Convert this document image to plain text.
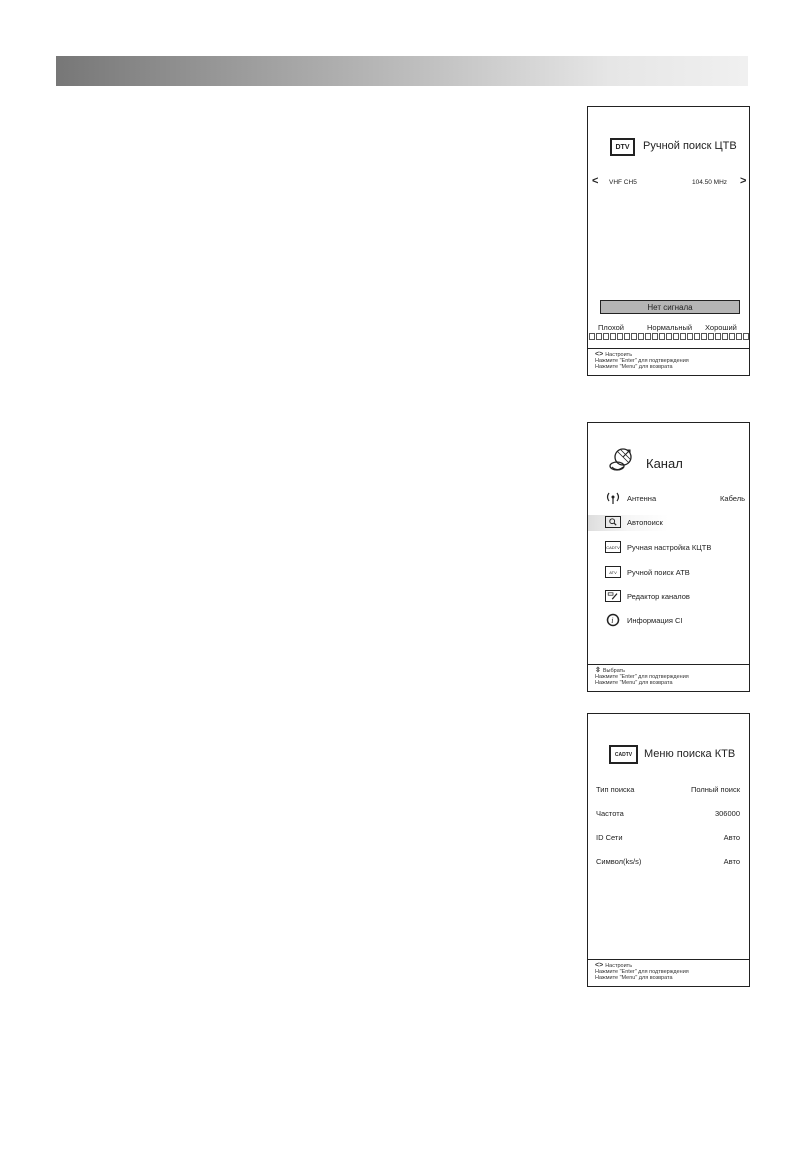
DTV	Ручной поиск ЦТВ
< VHF CH5	104.50 MHz >
Нет сигнала
Плохой	Нормальный Хороший
<> Настроить
Нажмите "Enter" для подтверждения
Нажмите "Menu" для возврата
Канал
Антенна	Кабель
Автопоиск
CADTV Ручная настройка КЦТВ
ATV	Ручной поиск АТВ
Редактор каналов
i Информация CI
⇳ Выбрать
Нажмите "Enter" для подтверждения
Нажмите "Menu" для возврата
CADTV	Меню поиска КТВ
Тип поиска	Полный поиск
Частота	306000
ID Сети	Авто
Символ(ks/s)	Авто
<> Настроить
Нажмите "Enter" для подтверждения
Нажмите "Menu" для возврата
